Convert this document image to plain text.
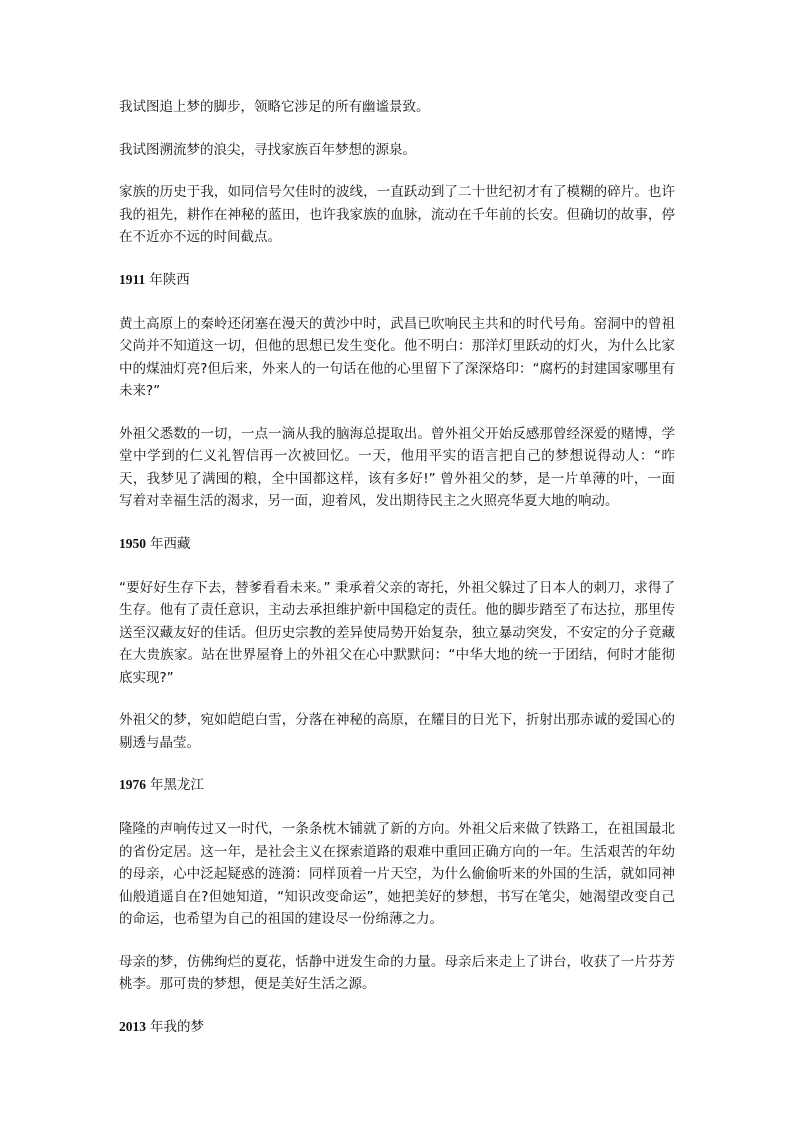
我试图追上梦的脚步，领略它涉足的所有幽谧景致。

我试图溯流梦的浪尖，寻找家族百年梦想的源泉。

家族的历史于我，如同信号欠佳时的波线，一直跃动到了二十世纪初才有了模糊的碎片。也许我的祖先，耕作在神秘的蓝田，也许我家族的血脉，流动在千年前的长安。但确切的故事，停在不近亦不远的时间截点。

1911 年陕西

黄土高原上的秦岭还闭塞在漫天的黄沙中时，武昌已吹响民主共和的时代号角。窑洞中的曾祖父尚并不知道这一切，但他的思想已发生变化。他不明白：那洋灯里跃动的灯火，为什么比家中的煤油灯亮?但后来，外来人的一句话在他的心里留下了深深烙印：“腐朽的封建国家哪里有未来?”

外祖父悉数的一切，一点一滴从我的脑海总提取出。曾外祖父开始反感那曾经深爱的赌博，学堂中学到的仁义礼智信再一次被回忆。一天，他用平实的语言把自己的梦想说得动人：“昨天，我梦见了满囤的粮，全中国都这样，该有多好!” 曾外祖父的梦，是一片单薄的叶，一面写着对幸福生活的渴求，另一面，迎着风，发出期待民主之火照亮华夏大地的响动。

1950 年西藏

“要好好生存下去，替爹看看未来。” 秉承着父亲的寄托，外祖父躲过了日本人的刺刀，求得了生存。他有了责任意识，主动去承担维护新中国稳定的责任。他的脚步踏至了布达拉，那里传送至汉藏友好的佳话。但历史宗教的差异使局势开始复杂，独立暴动突发，不安定的分子竟藏在大贵族家。站在世界屋脊上的外祖父在心中默默问：“中华大地的统一于团结，何时才能彻底实现?”

外祖父的梦，宛如皑皑白雪，分落在神秘的高原，在耀目的日光下，折射出那赤诚的爱国心的剔透与晶莹。

1976 年黑龙江

隆隆的声响传过又一时代，一条条枕木铺就了新的方向。外祖父后来做了铁路工，在祖国最北的省份定居。这一年，是社会主义在探索道路的艰难中重回正确方向的一年。生活艰苦的年幼的母亲，心中泛起疑惑的涟漪：同样顶着一片天空，为什么偷偷听来的外国的生活，就如同神仙般逍遥自在?但她知道，“知识改变命运”，她把美好的梦想，书写在笔尖，她渴望改变自己的命运，也希望为自己的祖国的建设尽一份绵薄之力。

母亲的梦，仿佛绚烂的夏花，恬静中迸发生命的力量。母亲后来走上了讲台，收获了一片芬芳桃李。那可贵的梦想，便是美好生活之源。

2013 年我的梦
